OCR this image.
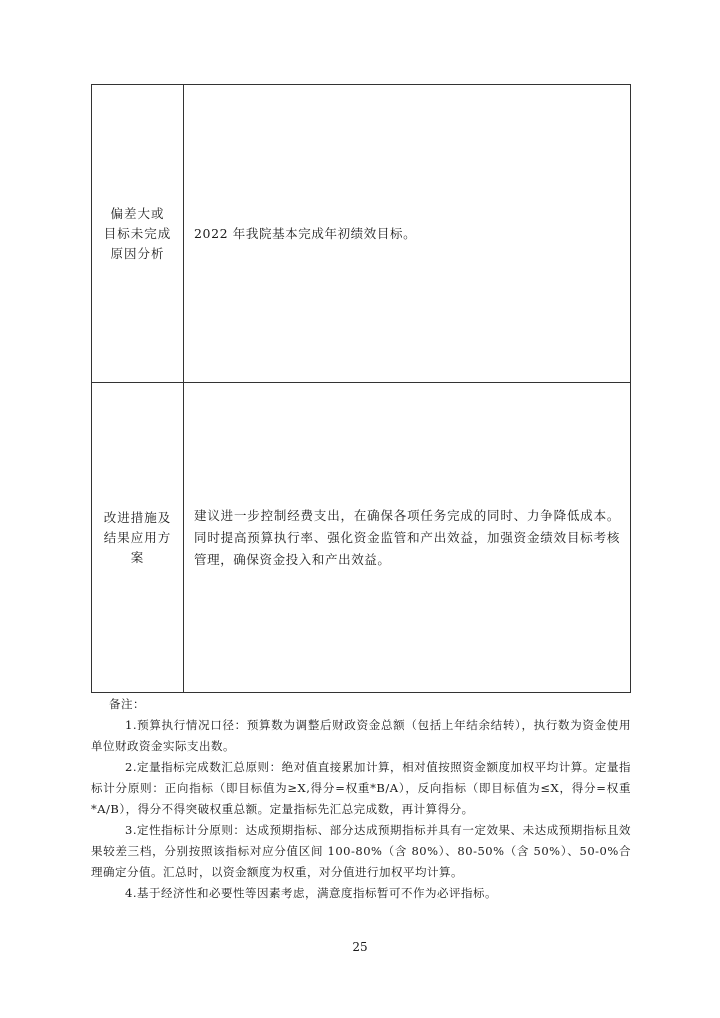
偏差大或
目标未完成
原因分析	2022 年我院基本完成年初绩效目标。

改进措施及
结果应用方案	建议进一步控制经费支出，在确保各项任务完成的同时、力争降低成本。同时提高预算执行率、强化资金监管和产出效益，加强资金绩效目标考核管理，确保资金投入和产出效益。
备注：

1.预算执行情况口径：预算数为调整后财政资金总额（包括上年结余结转），执行数为资金使用单位财政资金实际支出数。

2.定量指标完成数汇总原则：绝对值直接累加计算，相对值按照资金额度加权平均计算。定量指标计分原则：正向指标（即目标值为≥X,得分=权重*B/A），反向指标（即目标值为≤X，得分=权重*A/B），得分不得突破权重总额。定量指标先汇总完成数，再计算得分。

3.定性指标计分原则：达成预期指标、部分达成预期指标并具有一定效果、未达成预期指标且效果较差三档，分别按照该指标对应分值区间 100-80%（含 80%）、80-50%（含 50%）、50-0%合理确定分值。汇总时，以资金额度为权重，对分值进行加权平均计算。

4.基于经济性和必要性等因素考虑，满意度指标暂可不作为必评指标。

25
